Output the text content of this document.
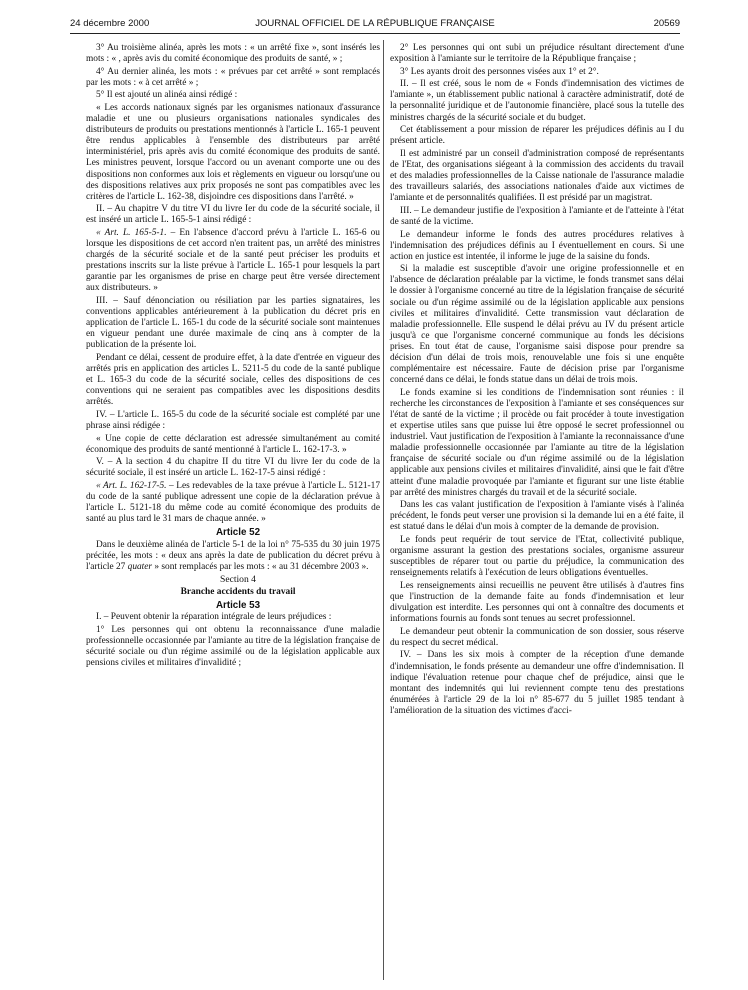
24 décembre 2000	JOURNAL OFFICIEL DE LA RÉPUBLIQUE FRANÇAISE	20569

3° Au troisième alinéa, après les mots : « un arrêté fixe », sont insérés les mots : « , après avis du comité économique des produits de santé, » ;

4° Au dernier alinéa, les mots : « prévues par cet arrêté » sont remplacés par les mots : « à cet arrêté » ;

5° Il est ajouté un alinéa ainsi rédigé :

« Les accords nationaux signés par les organismes nationaux d'assurance maladie et une ou plusieurs organisations nationales syndicales des distributeurs de produits ou prestations mentionnés à l'article L. 165-1 peuvent être rendus applicables à l'ensemble des distributeurs par arrêté interministériel, pris après avis du comité économique des produits de santé. Les ministres peuvent, lorsque l'accord ou un avenant comporte une ou des dispositions non conformes aux lois et règlements en vigueur ou lorsqu'une ou des dispositions relatives aux prix proposés ne sont pas compatibles avec les critères de l'article L. 162-38, disjoindre ces dispositions dans l'arrêté. »

II. – Au chapitre V du titre VI du livre Ier du code de la sécurité sociale, il est inséré un article L. 165-5-1 ainsi rédigé :

« Art. L. 165-5-1. – En l'absence d'accord prévu à l'article L. 165-6 ou lorsque les dispositions de cet accord n'en traitent pas, un arrêté des ministres chargés de la sécurité sociale et de la santé peut préciser les produits et prestations inscrits sur la liste prévue à l'article L. 165-1 pour lesquels la part garantie par les organismes de prise en charge peut être versée directement aux distributeurs. »

III. – Sauf dénonciation ou résiliation par les parties signataires, les conventions applicables antérieurement à la publication du décret pris en application de l'article L. 165-1 du code de la sécurité sociale sont maintenues en vigueur pendant une durée maximale de cinq ans à compter de la publication de la présente loi.

Pendant ce délai, cessent de produire effet, à la date d'entrée en vigueur des arrêtés pris en application des articles L. 5211-5 du code de la santé publique et L. 165-3 du code de la sécurité sociale, celles des dispositions de ces conventions qui ne seraient pas compatibles avec les dispositions desdits arrêtés.

IV. – L'article L. 165-5 du code de la sécurité sociale est complété par une phrase ainsi rédigée :

« Une copie de cette déclaration est adressée simultanément au comité économique des produits de santé mentionné à l'article L. 162-17-3. »

V. – A la section 4 du chapitre II du titre VI du livre Ier du code de la sécurité sociale, il est inséré un article L. 162-17-5 ainsi rédigé :

« Art. L. 162-17-5. – Les redevables de la taxe prévue à l'article L. 5121-17 du code de la santé publique adressent une copie de la déclaration prévue à l'article L. 5121-18 du même code au comité économique des produits de santé au plus tard le 31 mars de chaque année. »

Article 52

Dans le deuxième alinéa de l'article 5-1 de la loi n° 75-535 du 30 juin 1975 précitée, les mots : « deux ans après la date de publication du décret prévu à l'article 27 quater » sont remplacés par les mots : « au 31 décembre 2003 ».

Section 4

Branche accidents du travail

Article 53

I. – Peuvent obtenir la réparation intégrale de leurs préjudices :

1° Les personnes qui ont obtenu la reconnaissance d'une maladie professionnelle occasionnée par l'amiante au titre de la législation française de sécurité sociale ou d'un régime assimilé ou de la législation applicable aux pensions civiles et militaires d'invalidité ;

2° Les personnes qui ont subi un préjudice résultant directement d'une exposition à l'amiante sur le territoire de la République française ;

3° Les ayants droit des personnes visées aux 1° et 2°.

II. – Il est créé, sous le nom de « Fonds d'indemnisation des victimes de l'amiante », un établissement public national à caractère administratif, doté de la personnalité juridique et de l'autonomie financière, placé sous la tutelle des ministres chargés de la sécurité sociale et du budget.

Cet établissement a pour mission de réparer les préjudices définis au I du présent article.

Il est administré par un conseil d'administration composé de représentants de l'Etat, des organisations siégeant à la commission des accidents du travail et des maladies professionnelles de la Caisse nationale de l'assurance maladie des travailleurs salariés, des associations nationales d'aide aux victimes de l'amiante et de personnalités qualifiées. Il est présidé par un magistrat.

III. – Le demandeur justifie de l'exposition à l'amiante et de l'atteinte à l'état de santé de la victime.

Le demandeur informe le fonds des autres procédures relatives à l'indemnisation des préjudices définis au I éventuellement en cours. Si une action en justice est intentée, il informe le juge de la saisine du fonds.

Si la maladie est susceptible d'avoir une origine professionnelle et en l'absence de déclaration préalable par la victime, le fonds transmet sans délai le dossier à l'organisme concerné au titre de la législation française de sécurité sociale ou d'un régime assimilé ou de la législation applicable aux pensions civiles et militaires d'invalidité. Cette transmission vaut déclaration de maladie professionnelle. Elle suspend le délai prévu au IV du présent article jusqu'à ce que l'organisme concerné communique au fonds les décisions prises. En tout état de cause, l'organisme saisi dispose pour prendre sa décision d'un délai de trois mois, renouvelable une fois si une enquête complémentaire est nécessaire. Faute de décision prise par l'organisme concerné dans ce délai, le fonds statue dans un délai de trois mois.

Le fonds examine si les conditions de l'indemnisation sont réunies : il recherche les circonstances de l'exposition à l'amiante et ses conséquences sur l'état de santé de la victime ; il procède ou fait procéder à toute investigation et expertise utiles sans que puisse lui être opposé le secret professionnel ou industriel. Vaut justification de l'exposition à l'amiante la reconnaissance d'une maladie professionnelle occasionnée par l'amiante au titre de la législation française de sécurité sociale ou d'un régime assimilé ou de la législation applicable aux pensions civiles et militaires d'invalidité, ainsi que le fait d'être atteint d'une maladie provoquée par l'amiante et figurant sur une liste établie par arrêté des ministres chargés du travail et de la sécurité sociale.

Dans les cas valant justification de l'exposition à l'amiante visés à l'alinéa précédent, le fonds peut verser une provision si la demande lui en a été faite, il est statué dans le délai d'un mois à compter de la demande de provision.

Le fonds peut requérir de tout service de l'Etat, collectivité publique, organisme assurant la gestion des prestations sociales, organisme assureur susceptibles de réparer tout ou partie du préjudice, la communication des renseignements relatifs à l'exécution de leurs obligations éventuelles.

Les renseignements ainsi recueillis ne peuvent être utilisés à d'autres fins que l'instruction de la demande faite au fonds d'indemnisation et leur divulgation est interdite. Les personnes qui ont à connaître des documents et informations fournis au fonds sont tenues au secret professionnel.

Le demandeur peut obtenir la communication de son dossier, sous réserve du respect du secret médical.

IV. – Dans les six mois à compter de la réception d'une demande d'indemnisation, le fonds présente au demandeur une offre d'indemnisation. Il indique l'évaluation retenue pour chaque chef de préjudice, ainsi que le montant des indemnités qui lui reviennent compte tenu des prestations énumérées à l'article 29 de la loi n° 85-677 du 5 juillet 1985 tendant à l'amélioration de la situation des victimes d'acci-
